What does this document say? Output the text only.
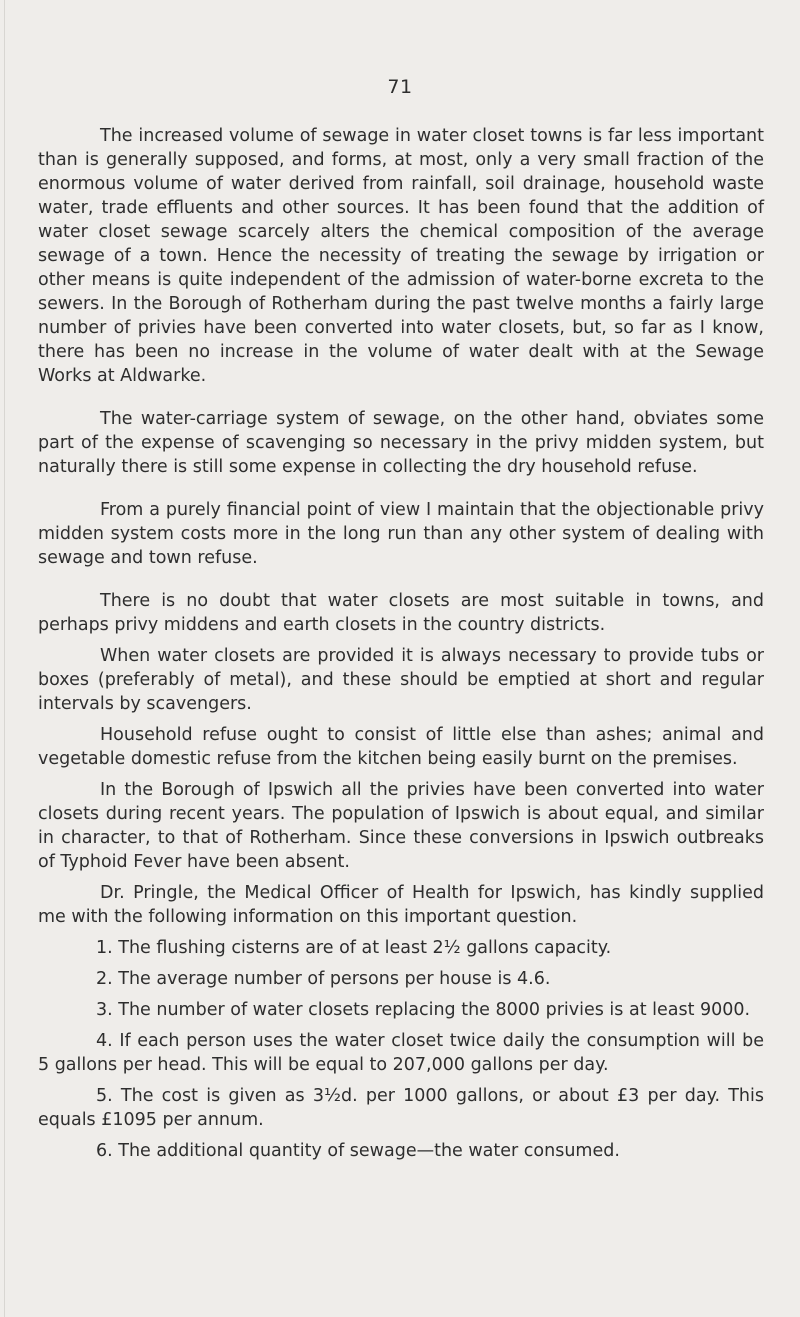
71

The increased volume of sewage in water closet towns is far less important than is generally supposed, and forms, at most, only a very small fraction of the enormous volume of water derived from rainfall, soil drainage, household waste water, trade effluents and other sources. It has been found that the addition of water closet sewage scarcely alters the chemical composition of the average sewage of a town. Hence the necessity of treating the sewage by irrigation or other means is quite independent of the admission of water-borne excreta to the sewers. In the Borough of Rotherham during the past twelve months a fairly large number of privies have been converted into water closets, but, so far as I know, there has been no increase in the volume of water dealt with at the Sewage Works at Aldwarke.

The water-carriage system of sewage, on the other hand, obviates some part of the expense of scavenging so necessary in the privy midden system, but naturally there is still some expense in collecting the dry household refuse.

From a purely financial point of view I maintain that the objectionable privy midden system costs more in the long run than any other system of dealing with sewage and town refuse.

There is no doubt that water closets are most suitable in towns, and perhaps privy middens and earth closets in the country districts.

When water closets are provided it is always necessary to provide tubs or boxes (preferably of metal), and these should be emptied at short and regular intervals by scavengers.

Household refuse ought to consist of little else than ashes; animal and vegetable domestic refuse from the kitchen being easily burnt on the premises.

In the Borough of Ipswich all the privies have been converted into water closets during recent years. The population of Ipswich is about equal, and similar in character, to that of Rotherham. Since these conversions in Ipswich outbreaks of Typhoid Fever have been absent.

Dr. Pringle, the Medical Officer of Health for Ipswich, has kindly supplied me with the following information on this important question.

1. The flushing cisterns are of at least 2½ gallons capacity.

2. The average number of persons per house is 4.6.

3. The number of water closets replacing the 8000 privies is at least 9000.

4. If each person uses the water closet twice daily the consumption will be 5 gallons per head. This will be equal to 207,000 gallons per day.

5. The cost is given as 3½d. per 1000 gallons, or about £3 per day. This equals £1095 per annum.

6. The additional quantity of sewage—the water consumed.
